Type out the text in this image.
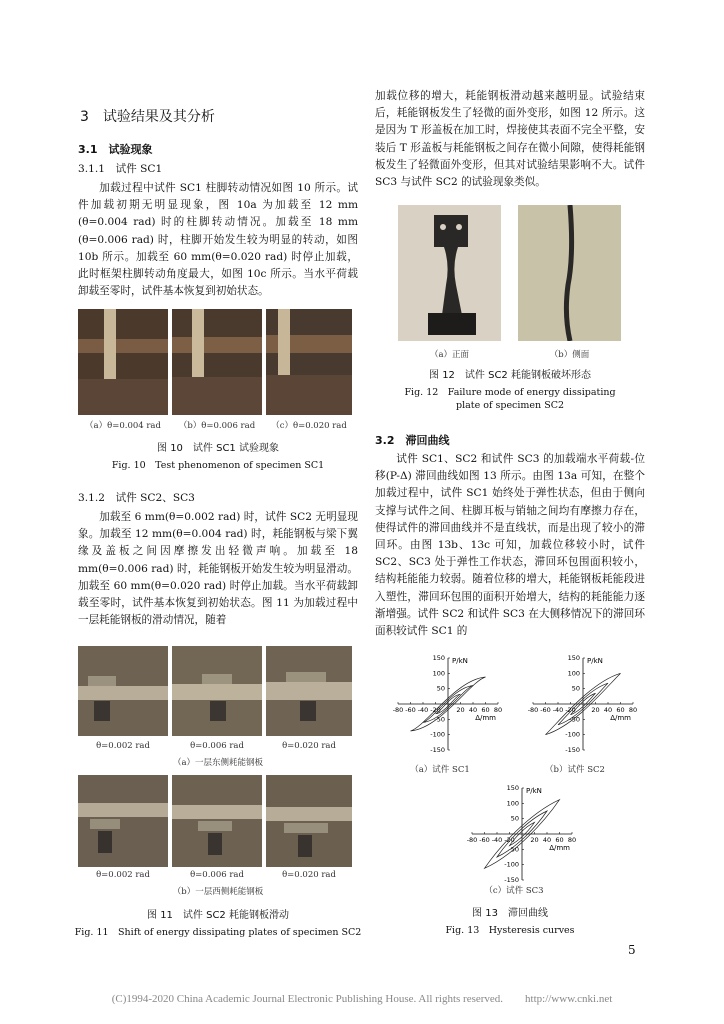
3　 试验结果及其分析
3.1　 试验现象
3.1.1　 试件 SC1

加载过程中试件 SC1 柱脚转动情况如图 10 所示。试件加载初期无明显现象，图 10a 为加载至 12 mm (θ=0.004 rad) 时的柱脚转动情况。加载至 18 mm (θ=0.006 rad) 时，柱脚开始发生较为明显的转动，如图 10b 所示。加载至 60 mm(θ=0.020 rad) 时停止加载，此时框架柱脚转动角度最大，如图 10c 所示。当水平荷载卸载至零时，试件基本恢复到初始状态。

（a）θ=0.004 rad	（b）θ=0.006 rad	（c）θ=0.020 rad
图 10　试件 SC1 试验现象
Fig. 10　Test phenomenon of specimen SC1
3.1.2　 试件 SC2、SC3

加载至 6 mm(θ=0.002 rad) 时，试件 SC2 无明显现象。加载至 12 mm(θ=0.004 rad) 时，耗能钢板与梁下翼缘及盖板之间因摩擦发出轻微声响。加载至 18 mm(θ=0.006 rad) 时，耗能钢板开始发生较为明显滑动。加载至 60 mm(θ=0.020 rad) 时停止加载。当水平荷载卸载至零时，试件基本恢复到初始状态。图 11 为加载过程中一层耗能钢板的滑动情况，随着

θ=0.002 rad	θ=0.006 rad	θ=0.020 rad
（a）一层东侧耗能钢板
θ=0.002 rad	θ=0.006 rad	θ=0.020 rad
（b）一层西侧耗能钢板
图 11　试件 SC2 耗能钢板滑动
Fig. 11　Shift of energy dissipating plates of specimen SC2

加载位移的增大，耗能钢板滑动越来越明显。试验结束后，耗能钢板发生了轻微的面外变形，如图 12 所示。这是因为 T 形盖板在加工时，焊接使其表面不完全平整，安装后 T 形盖板与耗能钢板之间存在微小间隙，使得耗能钢板发生了轻微面外变形，但其对试验结果影响不大。试件 SC3 与试件 SC2 的试验现象类似。

（a）正面	（b）侧面
图 12　试件 SC2 耗能钢板破坏形态
Fig. 12　Failure mode of energy dissipating
plate of specimen SC2
3.2　 滞回曲线

试件 SC1、SC2 和试件 SC3 的加载端水平荷载-位移(P-Δ) 滞回曲线如图 13 所示。由图 13a 可知，在整个加载过程中，试件 SC1 始终处于弹性状态，但由于侧向支撑与试件之间、柱脚耳板与销轴之间均有摩擦力存在，使得试件的滞回曲线并不是直线状，而是出现了较小的滞回环。由图 13b、13c 可知，加载位移较小时，试件 SC2、SC3 处于弹性工作状态，滞回环包围面积较小，结构耗能能力较弱。随着位移的增大，耗能钢板耗能段进入塑性，滞回环包围的面积开始增大，结构的耗能能力逐渐增强。试件 SC2 和试件 SC3 在大侧移情况下的滞回环面积较试件 SC1 的

-80 -60 -40 -20 20 40 60 80
-150
-100
-50
50
100
150 P/kN
Δ/mm
-80 -60 -40 -20 20 40 60 80
-150
-100
-50
50
100
150 P/kN
Δ/mm
-80 -60 -40 -20 20 40 60 80
-150
-100
-50
50
100
150 P/kN
Δ/mm
（a）试件 SC1	（b）试件 SC2
（c）试件 SC3
图 13　滞回曲线
Fig. 13　Hysteresis curves
5
(C)1994-2020 China Academic Journal Electronic Publishing House. All rights reserved.　　http://www.cnki.net
